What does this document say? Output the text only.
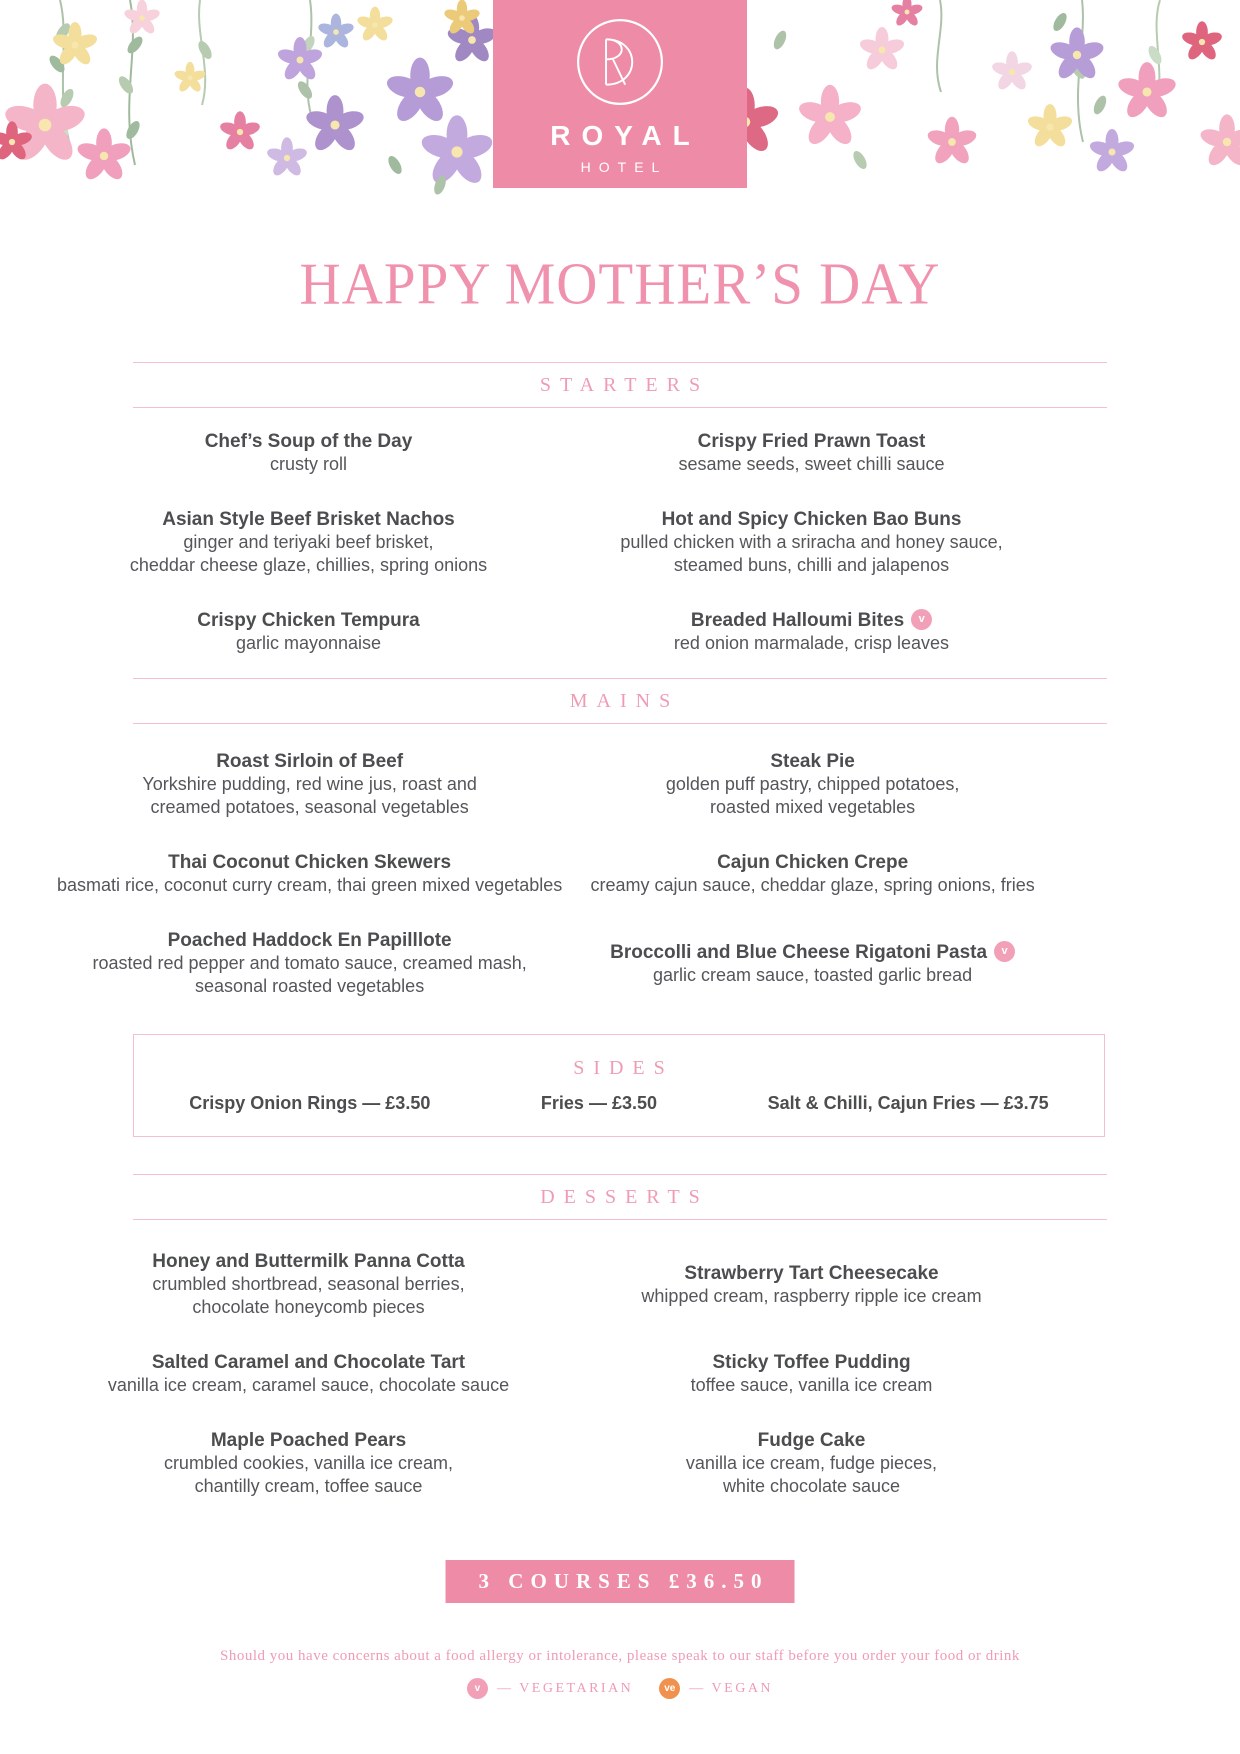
ROYAL
HOTEL
HAPPY MOTHER’S DAY
STARTERS
Chef’s Soup of the Day
crusty roll
Crispy Fried Prawn Toast
sesame seeds, sweet chilli sauce
Asian Style Beef Brisket Nachos
ginger and teriyaki beef brisket,
cheddar cheese glaze, chillies, spring onions
Hot and Spicy Chicken Bao Buns
pulled chicken with a sriracha and honey sauce,
steamed buns, chilli and jalapenos
Crispy Chicken Tempura
garlic mayonnaise
Breaded Halloumi Bites v
red onion marmalade, crisp leaves
MAINS
Roast Sirloin of Beef
Yorkshire pudding, red wine jus, roast and
creamed potatoes, seasonal vegetables
Steak Pie
golden puff pastry, chipped potatoes,
roasted mixed vegetables
Thai Coconut Chicken Skewers
basmati rice, coconut curry cream, thai green mixed vegetables
Cajun Chicken Crepe
creamy cajun sauce, cheddar glaze, spring onions, fries
Poached Haddock En Papilllote
roasted red pepper and tomato sauce, creamed mash,
seasonal roasted vegetables
Broccolli and Blue Cheese Rigatoni Pasta v
garlic cream sauce, toasted garlic bread
SIDES
Crispy Onion Rings — £3.50	Fries — £3.50	Salt & Chilli, Cajun Fries — £3.75
DESSERTS
Honey and Buttermilk Panna Cotta
crumbled shortbread, seasonal berries,
chocolate honeycomb pieces
Strawberry Tart Cheesecake
whipped cream, raspberry ripple ice cream
Salted Caramel and Chocolate Tart
vanilla ice cream, caramel sauce, chocolate sauce
Sticky Toffee Pudding
toffee sauce, vanilla ice cream
Maple Poached Pears
crumbled cookies, vanilla ice cream,
chantilly cream, toffee sauce
Fudge Cake
vanilla ice cream, fudge pieces,
white chocolate sauce
3 COURSES £36.50
Should you have concerns about a food allergy or intolerance, please speak to our staff before you order your food or drink
v	— VEGETARIAN	ve — VEGAN
